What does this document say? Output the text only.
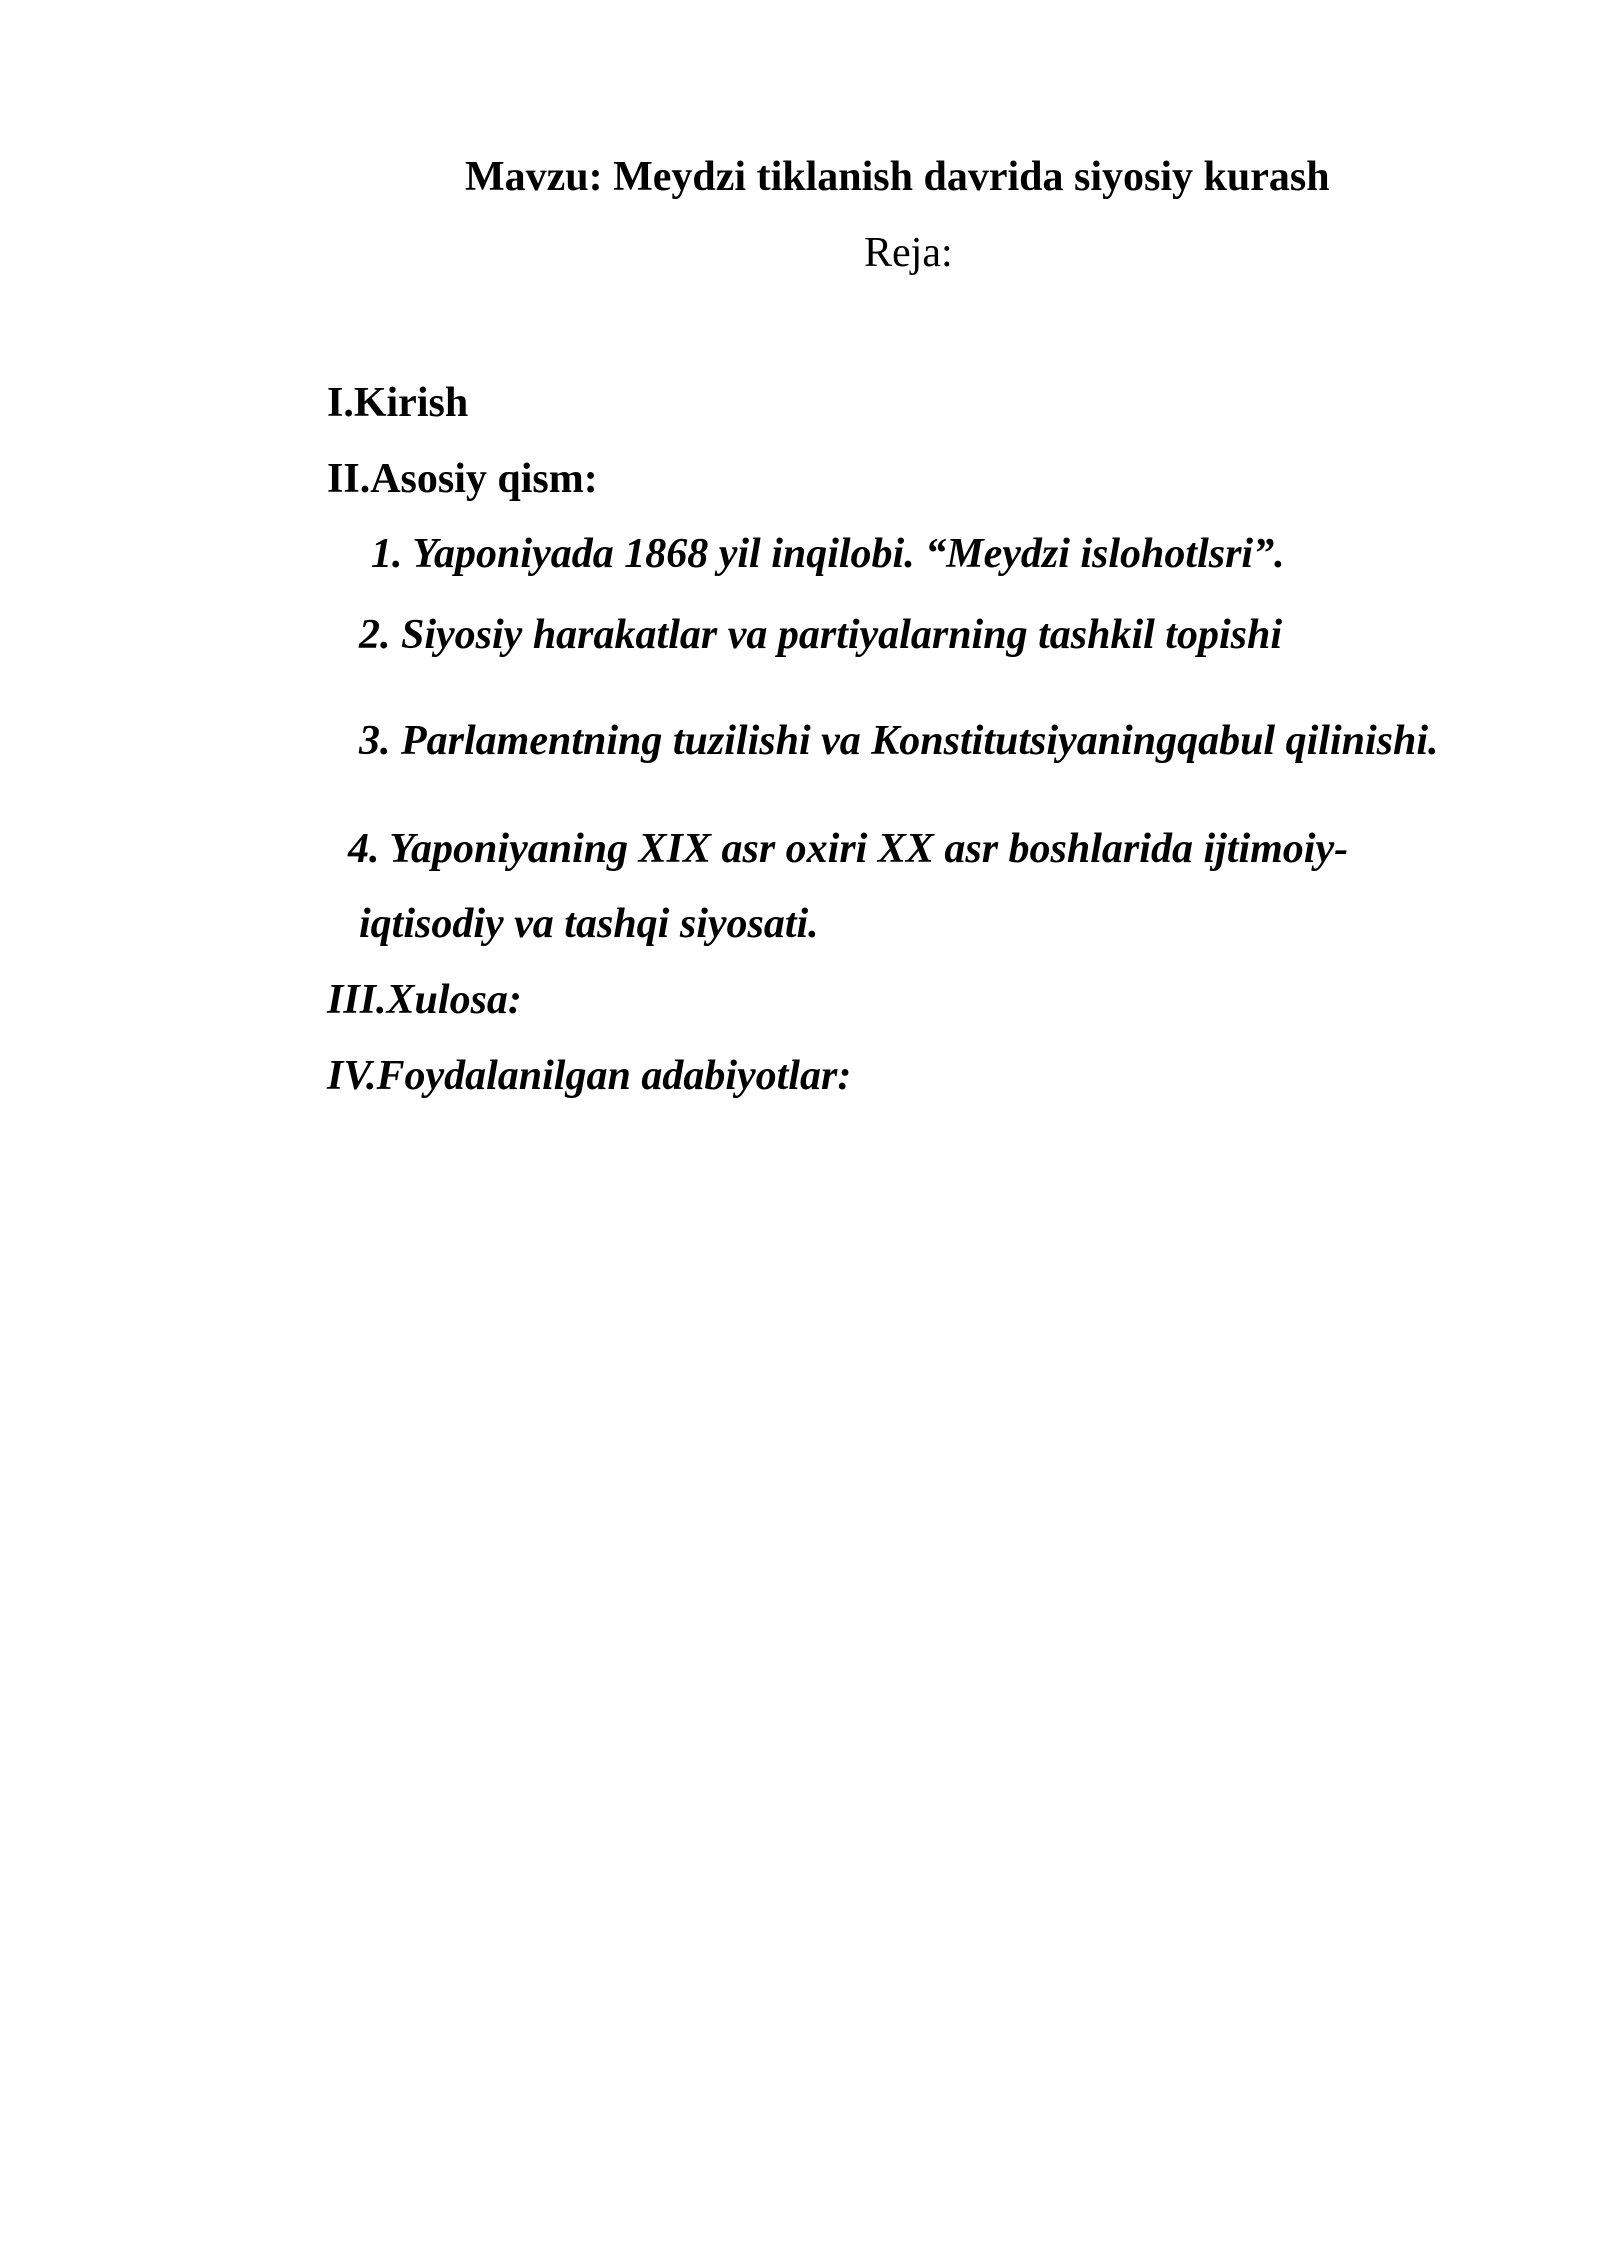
Mavzu: Meydzi tiklanish davrida siyosiy kurash
Reja:
I.Kirish
II.Asosiy qism:
1. Yaponiyada 1868 yil inqilobi. “Meydzi islohotlsri”.
2. Siyosiy harakatlar va partiyalarning tashkil topishi
3. Parlamentning tuzilishi va Konstitutsiyaningqabul qilinishi.
4. Yaponiyaning XIX asr oxiri XX asr boshlarida ijtimoiy-
iqtisodiy va tashqi siyosati.
III.Xulosa:
IV.Foydalanilgan adabiyotlar:
